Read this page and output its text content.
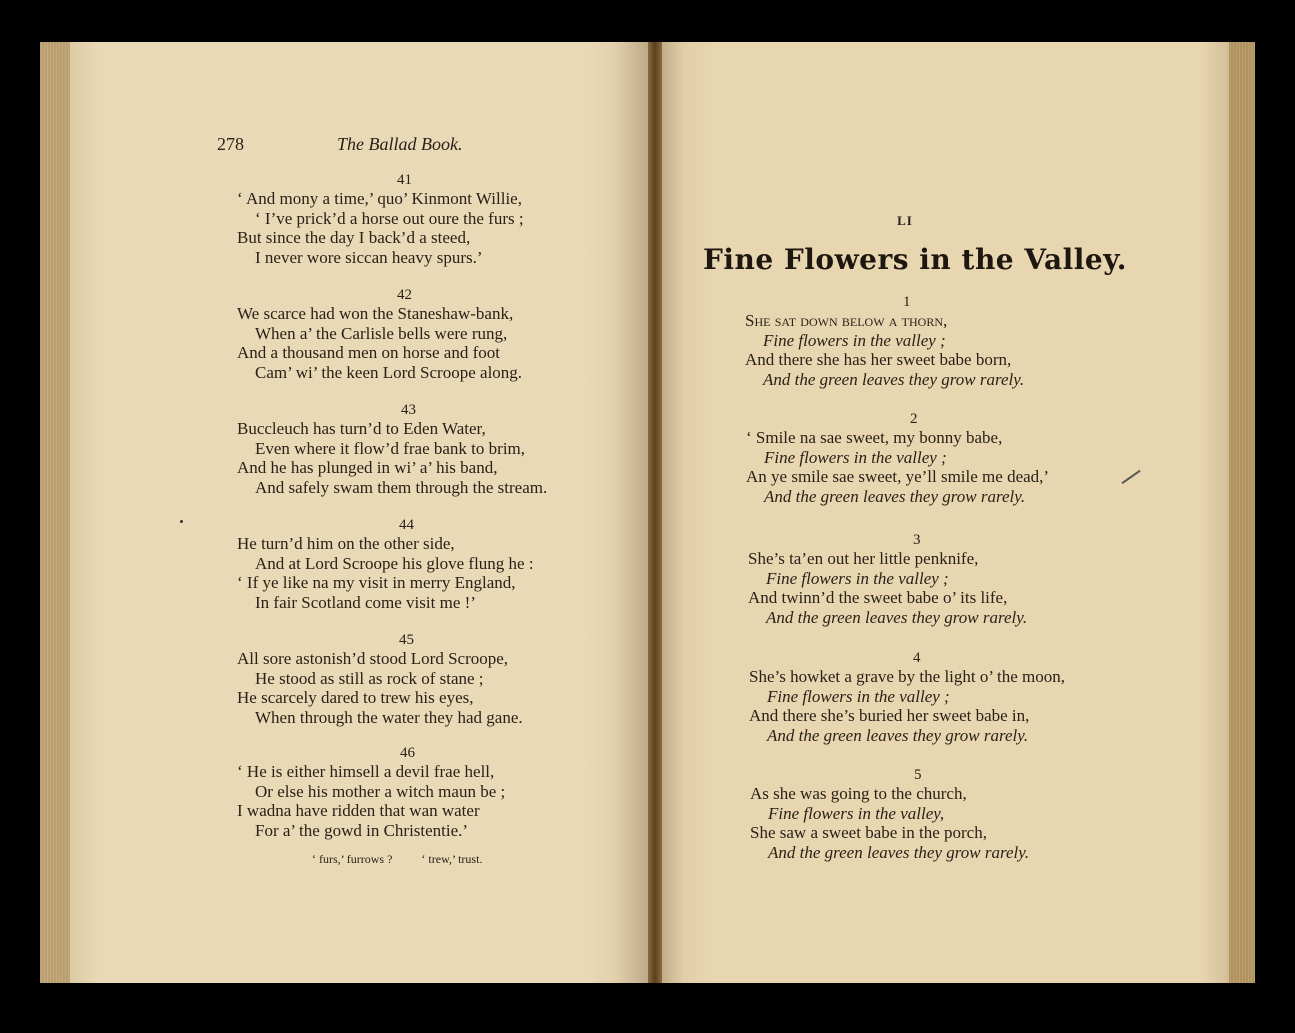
278	The Ballad Book.
41
‘ And mony a time,’ quo’ Kinmont Willie,
‘ I’ve prick’d a horse out oure the furs ;
But since the day I back’d a steed,
I never wore siccan heavy spurs.’
42
We scarce had won the Staneshaw-bank,
When a’ the Carlisle bells were rung,
And a thousand men on horse and foot
Cam’ wi’ the keen Lord Scroope along.
43
Buccleuch has turn’d to Eden Water,
Even where it flow’d frae bank to brim,
And he has plunged in wi’ a’ his band,
And safely swam them through the stream.
44
He turn’d him on the other side,
And at Lord Scroope his glove flung he :
‘ If ye like na my visit in merry England,
In fair Scotland come visit me !’
45
All sore astonish’d stood Lord Scroope,
He stood as still as rock of stane ;
He scarcely dared to trew his eyes,
When through the water they had gane.
46
‘ He is either himsell a devil frae hell,
Or else his mother a witch maun be ;
I wadna have ridden that wan water
For a’ the gowd in Christentie.’
‘ furs,’ furrows ? ‘ trew,’ trust.
LI
Fine Flowers in the Valley.
1
She sat down below a thorn,
Fine flowers in the valley ;
And there she has her sweet babe born,
And the green leaves they grow rarely.
2
‘ Smile na sae sweet, my bonny babe,
Fine flowers in the valley ;
An ye smile sae sweet, ye’ll smile me dead,’
And the green leaves they grow rarely.
3
She’s ta’en out her little penknife,
Fine flowers in the valley ;
And twinn’d the sweet babe o’ its life,
And the green leaves they grow rarely.
4
She’s howket a grave by the light o’ the moon,
Fine flowers in the valley ;
And there she’s buried her sweet babe in,
And the green leaves they grow rarely.
5
As she was going to the church,
Fine flowers in the valley,
She saw a sweet babe in the porch,
And the green leaves they grow rarely.
